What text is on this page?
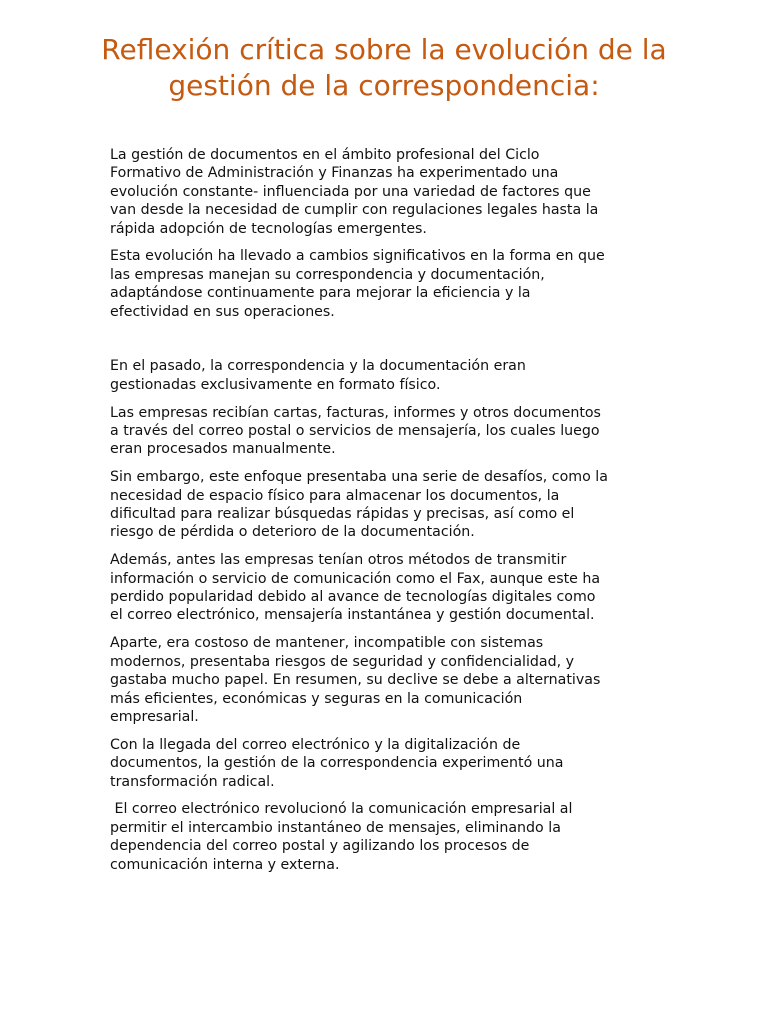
Reflexión crítica sobre la evolución de la
gestión de la correspondencia:

La gestión de documentos en el ámbito profesional del Ciclo
Formativo de Administración y Finanzas ha experimentado una
evolución constante- influenciada por una variedad de factores que
van desde la necesidad de cumplir con regulaciones legales hasta la
rápida adopción de tecnologías emergentes.

Esta evolución ha llevado a cambios significativos en la forma en que
las empresas manejan su correspondencia y documentación,
adaptándose continuamente para mejorar la eficiencia y la
efectividad en sus operaciones.

En el pasado, la correspondencia y la documentación eran
gestionadas exclusivamente en formato físico.

Las empresas recibían cartas, facturas, informes y otros documentos
a través del correo postal o servicios de mensajería, los cuales luego
eran procesados manualmente.

Sin embargo, este enfoque presentaba una serie de desafíos, como la
necesidad de espacio físico para almacenar los documentos, la
dificultad para realizar búsquedas rápidas y precisas, así como el
riesgo de pérdida o deterioro de la documentación.

Además, antes las empresas tenían otros métodos de transmitir
información o servicio de comunicación como el Fax, aunque este ha
perdido popularidad debido al avance de tecnologías digitales como
el correo electrónico, mensajería instantánea y gestión documental.

Aparte, era costoso de mantener, incompatible con sistemas
modernos, presentaba riesgos de seguridad y confidencialidad, y
gastaba mucho papel. En resumen, su declive se debe a alternativas
más eficientes, económicas y seguras en la comunicación
empresarial.

Con la llegada del correo electrónico y la digitalización de
documentos, la gestión de la correspondencia experimentó una
transformación radical.

El correo electrónico revolucionó la comunicación empresarial al
permitir el intercambio instantáneo de mensajes, eliminando la
dependencia del correo postal y agilizando los procesos de
comunicación interna y externa.
